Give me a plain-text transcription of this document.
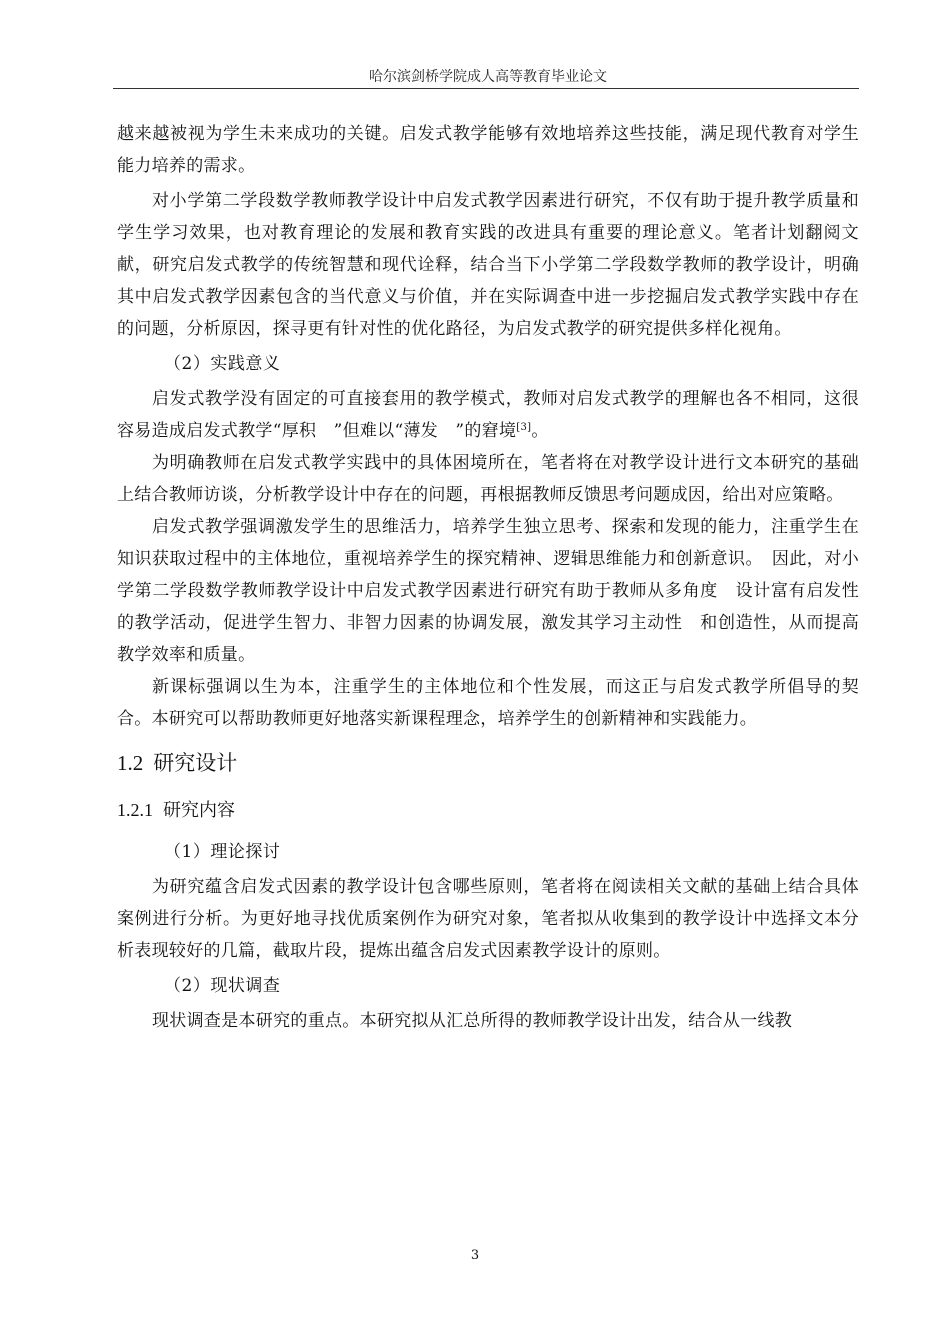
哈尔滨剑桥学院成人高等教育毕业论文

越来越被视为学生未来成功的关键。启发式教学能够有效地培养这些技能，满足现代教育对学生能力培养的需求。

对小学第二学段数学教师教学设计中启发式教学因素进行研究，不仅有助于提升教学质量和学生学习效果，也对教育理论的发展和教育实践的改进具有重要的理论意义。笔者计划翻阅文献，研究启发式教学的传统智慧和现代诠释，结合当下小学第二学段数学教师的教学设计，明确其中启发式教学因素包含的当代意义与价值，并在实际调查中进一步挖掘启发式教学实践中存在的问题，分析原因，探寻更有针对性的优化路径，为启发式教学的研究提供多样化视角。

（2）实践意义

启发式教学没有固定的可直接套用的教学模式，教师对启发式教学的理解也各不相同，这很容易造成启发式教学“厚积　”但难以“薄发　”的窘境[3]。

为明确教师在启发式教学实践中的具体困境所在，笔者将在对教学设计进行文本研究的基础上结合教师访谈，分析教学设计中存在的问题，再根据教师反馈思考问题成因，给出对应策略。

启发式教学强调激发学生的思维活力，培养学生独立思考、探索和发现的能力，注重学生在知识获取过程中的主体地位，重视培养学生的探究精神、逻辑思维能力和创新意识。　因此，对小学第二学段数学教师教学设计中启发式教学因素进行研究有助于教师从多角度　设计富有启发性的教学活动，促进学生智力、非智力因素的协调发展，激发其学习主动性　和创造性，从而提高教学效率和质量。

新课标强调以生为本，注重学生的主体地位和个性发展，而这正与启发式教学所倡导的契合。本研究可以帮助教师更好地落实新课程理念，培养学生的创新精神和实践能力。

1.2 研究设计
1.2.1 研究内容

（1）理论探讨

为研究蕴含启发式因素的教学设计包含哪些原则，笔者将在阅读相关文献的基础上结合具体案例进行分析。为更好地寻找优质案例作为研究对象，笔者拟从收集到的教学设计中选择文本分析表现较好的几篇，截取片段，提炼出蕴含启发式因素教学设计的原则。

（2）现状调查

现状调查是本研究的重点。本研究拟从汇总所得的教师教学设计出发，结合从一线教

3
